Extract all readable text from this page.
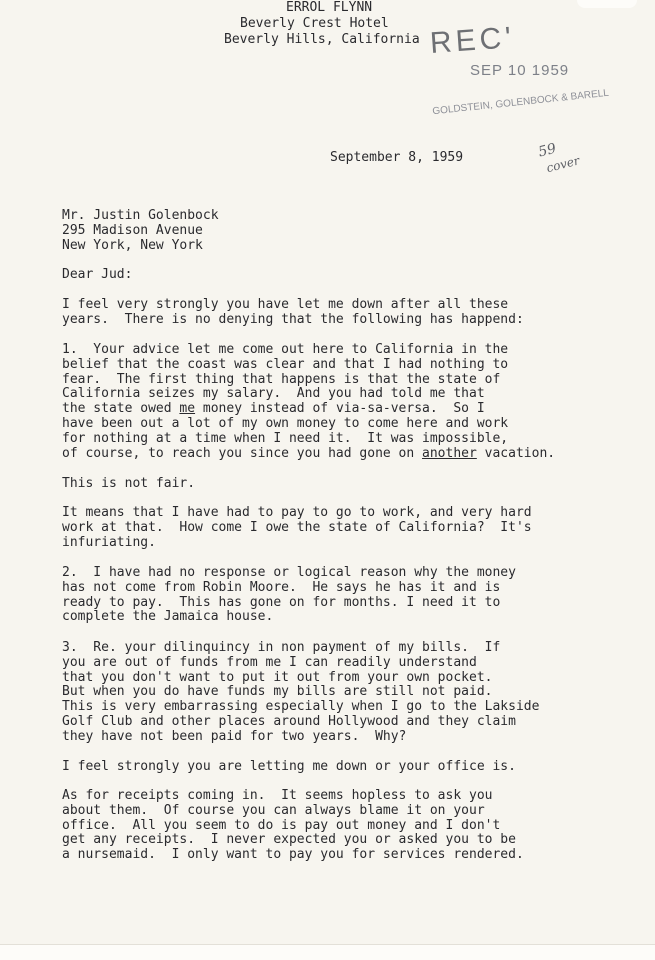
ERROL FLYNN
Beverly Crest Hotel
Beverly Hills, California REC'
SEP 10 1959
GOLDSTEIN, GOLENBOCK & BARELL
September 8, 1959	59
cover
Mr. Justin Golenbock
295 Madison Avenue
New York, New York
Dear Jud:
I feel very strongly you have let me down after all these
years.  There is no denying that the following has happend:
1.  Your advice let me come out here to California in the
belief that the coast was clear and that I had nothing to
fear.  The first thing that happens is that the state of
California seizes my salary.  And you had told me that
the state owed me money instead of via-sa-versa.  So I
have been out a lot of my own money to come here and work
for nothing at a time when I need it.  It was impossible,
of course, to reach you since you had gone on another vacation.
This is not fair.
It means that I have had to pay to go to work, and very hard
work at that.  How come I owe the state of California?  It's
infuriating.
2.  I have had no response or logical reason why the money
has not come from Robin Moore.  He says he has it and is
ready to pay.  This has gone on for months. I need it to
complete the Jamaica house.
3.  Re. your dilinquincy in non payment of my bills.  If
you are out of funds from me I can readily understand
that you don't want to put it out from your own pocket.
But when you do have funds my bills are still not paid.
This is very embarrassing especially when I go to the Lakside
Golf Club and other places around Hollywood and they claim
they have not been paid for two years.  Why?
I feel strongly you are letting me down or your office is.
As for receipts coming in.  It seems hopless to ask you
about them.  Of course you can always blame it on your
office.  All you seem to do is pay out money and I don't
get any receipts.  I never expected you or asked you to be
a nursemaid.  I only want to pay you for services rendered.
